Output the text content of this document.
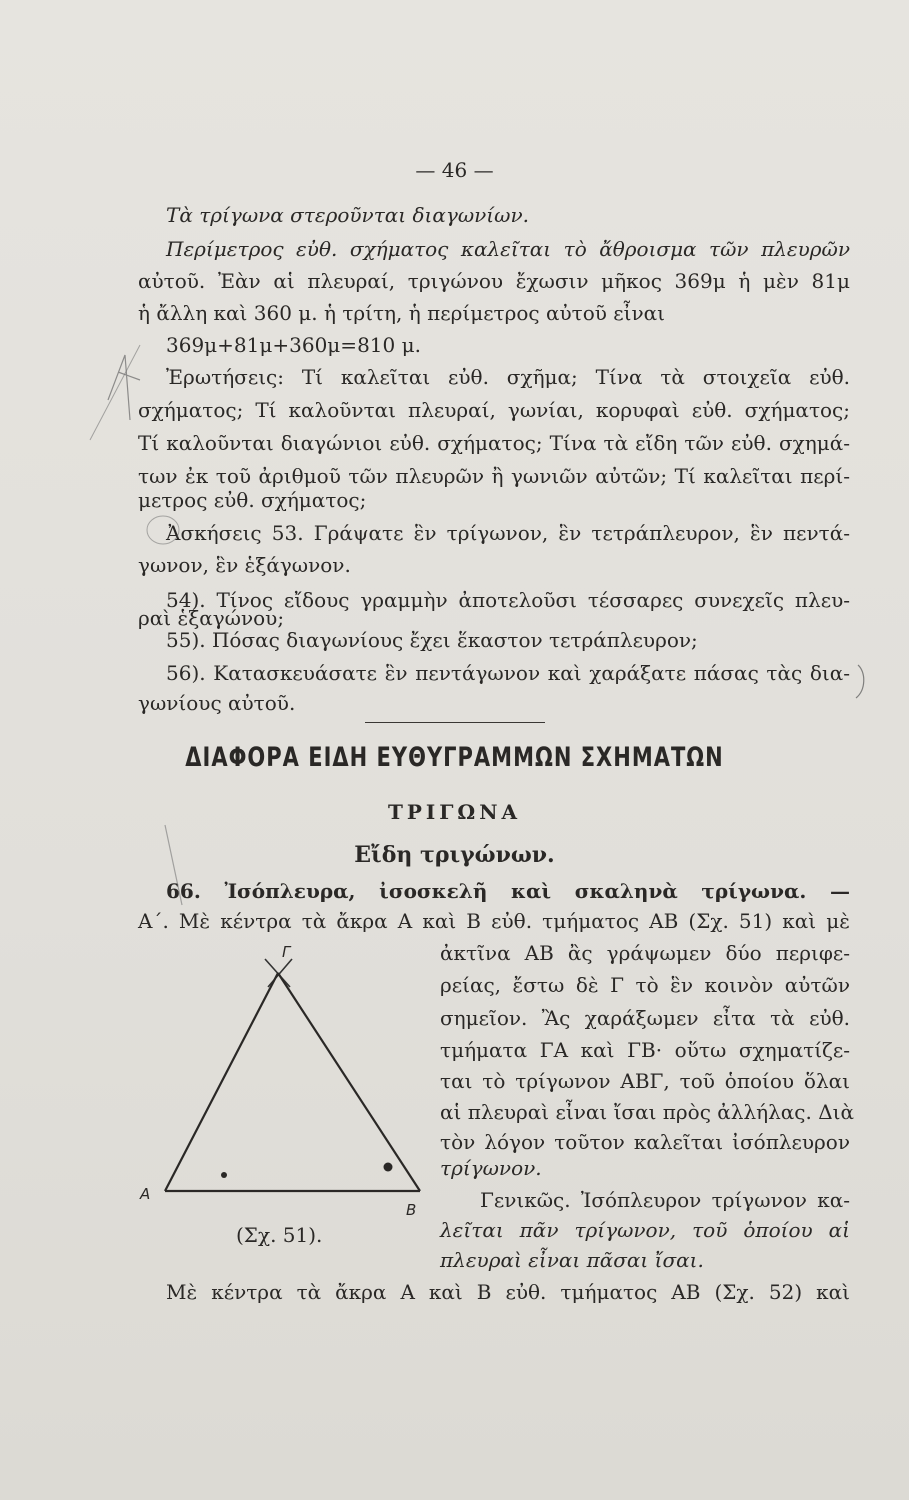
— 46 —
Τὰ τρίγωνα στεροῦνται διαγωνίων.
Περίμετρος εὐθ. σχήματος καλεῖται τὸ ἄθροισμα τῶν πλευρῶν
αὐτοῦ. Ἐὰν αἱ πλευραί, τριγώνου ἔχωσιν μῆκος 369μ ἡ μὲν 81μ
ἡ ἄλλη καὶ 360 μ. ἡ τρίτη, ἡ περίμετρος αὐτοῦ εἶναι
369μ+81μ+360μ=810 μ.
Ἐρωτήσεις: Τί καλεῖται εὐθ. σχῆμα; Τίνα τὰ στοιχεῖα εὐθ.
σχήματος; Τί καλοῦνται πλευραί, γωνίαι, κορυφαὶ εὐθ. σχήματος;
Τί καλοῦνται διαγώνιοι εὐθ. σχήματος; Τίνα τὰ εἴδη τῶν εὐθ. σχημά-
των ἐκ τοῦ ἀριθμοῦ τῶν πλευρῶν ἢ γωνιῶν αὐτῶν; Τί καλεῖται περί-
μετρος εὐθ. σχήματος;
Ἀσκήσεις 53. Γράψατε ἓν τρίγωνον, ἓν τετράπλευρον, ἓν πεντά-
γωνον, ἓν ἑξάγωνον.
54). Τίνος εἴδους γραμμὴν ἀποτελοῦσι τέσσαρες συνεχεῖς πλευ-
ραὶ ἑξαγώνου;
55). Πόσας διαγωνίους ἔχει ἕκαστον τετράπλευρον;
56). Κατασκευάσατε ἓν πεντάγωνον καὶ χαράξατε πάσας τὰς δια-
γωνίους αὐτοῦ.
ΔΙΑΦΟΡΑ ΕΙΔΗ ΕΥΘΥΓΡΑΜΜΩΝ ΣΧΗΜΑΤΩΝ
ΤΡΙΓΩΝΑ
Εἴδη τριγώνων.
66. Ἰσόπλευρα, ἰσοσκελῆ καὶ σκαληνὰ τρίγωνα. —
Α΄. Μὲ κέντρα τὰ ἄκρα Α καὶ Β εὐθ. τμήματος ΑΒ (Σχ. 51) καὶ μὲ
ἀκτῖνα ΑΒ ἂς γράψωμεν δύο περιφε-
ρείας, ἔστω δὲ Γ τὸ ἓν κοινὸν αὐτῶν
σημεῖον. Ἂς χαράξωμεν εἶτα τὰ εὐθ.
τμήματα ΓΑ καὶ ΓΒ· οὕτω σχηματίζε-
ται τὸ τρίγωνον ΑΒΓ, τοῦ ὁποίου ὅλαι
αἱ πλευραὶ εἶναι ἴσαι πρὸς ἀλλήλας. Διὰ
τὸν λόγον τοῦτον καλεῖται ἰσόπλευρον
τρίγωνον.
Γενικῶς. Ἰσόπλευρον τρίγωνον κα-
λεῖται πᾶν τρίγωνον, τοῦ ὁποίου αἱ
πλευραὶ εἶναι πᾶσαι ἴσαι.
Μὲ κέντρα τὰ ἄκρα Α καὶ Β εὐθ. τμήματος ΑΒ (Σχ. 52) καὶ
Γ
Α
Β
(Σχ. 51).
